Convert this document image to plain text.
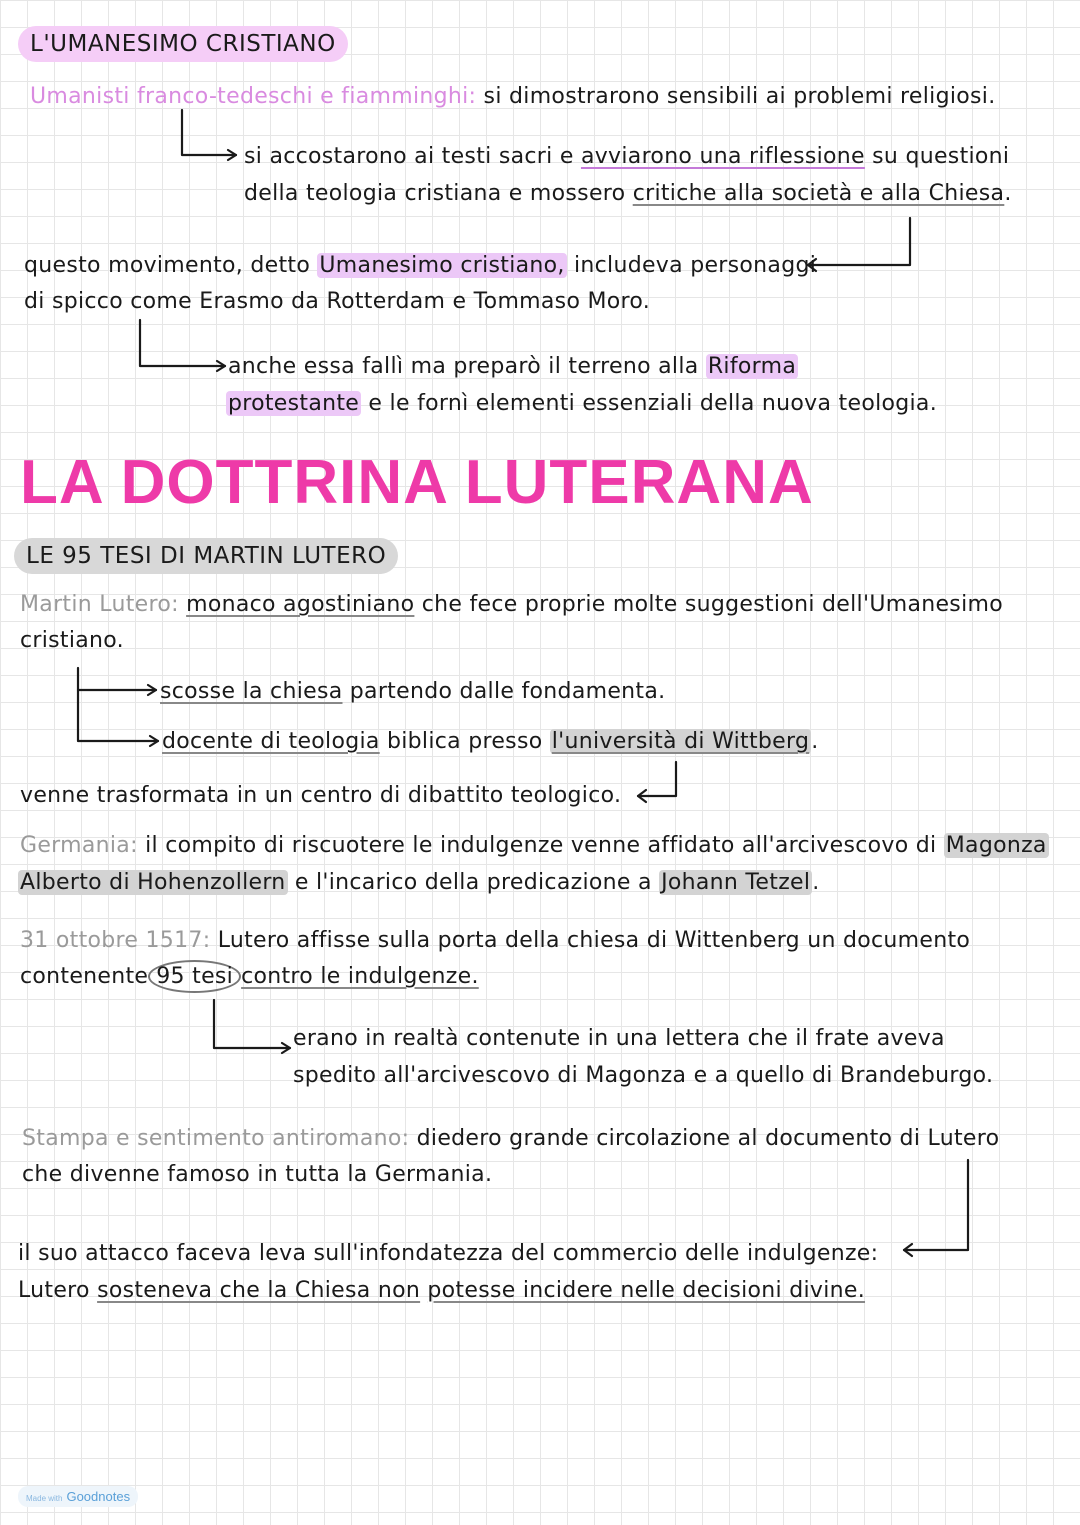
L'UMANESIMO CRISTIANO
Umanisti franco-tedeschi e fiamminghi: si dimostrarono sensibili ai problemi religiosi.
si accostarono ai testi sacri e avviarono una riflessione su questioni
della teologia cristiana e mossero critiche alla società e alla Chiesa.
questo movimento, detto Umanesimo cristiano, includeva personaggi
di spicco come Erasmo da Rotterdam e Tommaso Moro.
anche essa fallì ma preparò il terreno alla Riforma
protestante e le fornì elementi essenziali della nuova teologia.
LA DOTTRINA LUTERANA
LE 95 TESI DI MARTIN LUTERO
Martin Lutero: monaco agostiniano che fece proprie molte suggestioni dell'Umanesimo
cristiano.
scosse la chiesa partendo dalle fondamenta.
docente di teologia biblica presso l'università di Wittberg.
venne trasformata in un centro di dibattito teologico.
Germania: il compito di riscuotere le indulgenze venne affidato all'arcivescovo di Magonza
Alberto di Hohenzollern e l'incarico della predicazione a Johann Tetzel.
31 ottobre 1517: Lutero affisse sulla porta della chiesa di Wittenberg un documento
contenente 95 tesi contro le indulgenze.
erano in realtà contenute in una lettera che il frate aveva
spedito all'arcivescovo di Magonza e a quello di Brandeburgo.
Stampa e sentimento antiromano: diedero grande circolazione al documento di Lutero
che divenne famoso in tutta la Germania.
il suo attacco faceva leva sull'infondatezza del commercio delle indulgenze:
Lutero sosteneva che la Chiesa non potesse incidere nelle decisioni divine.
Made with Goodnotes
